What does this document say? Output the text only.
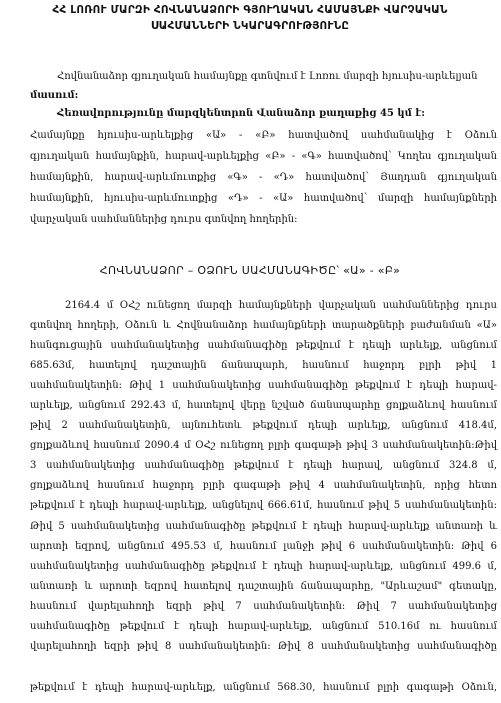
ՀՀ ԼՈՌՈՒ ՄԱՐԶԻ ՀՈՎՆԱՆԱՁՈՐԻ ԳՅՈՒՂԱԿԱՆ ՀԱՄԱՅՆՔԻ ՎԱՐՉԱԿԱՆ
ՍԱՀՄԱՆՆԵՐԻ ՆԿԱՐԱԳՐՈՒԹՅՈՒՆԸ
Հովնանաձոր գյուղական համայնքը գտնվում է Լոռու մարզի հյուսիս-արևելյան
մասում:
Հեռավորությունը մարզկենտրոն Վանաձոր քաղաքից 45 կմ է:
Համայնքը հյուսիս-արևելքից «Ա» - «Բ» հատվածով սահմանակից է Օձուն
գյուղական համայնքին, հարավ-արևելքից «Բ» - «Գ» հատվածով՝ Կողես գյուղական
համայնքին, հարավ-արևմուտքից «Գ» - «Դ» հատվածով՝ Յաղդան գյուղական
համայնքին, հյուսիս-արևմուտքից «Դ» - «Ա» հատվածով՝ մարզի համայնքների
վարչական սահմաններից դուրս գտնվող հողերին:
ՀՈՎՆԱՆԱՁՈՐ – ՕՁՈՒՆ ՍԱՀՄԱՆԱԳԻԾԸ՝ «Ա» - «Բ»
2164.4 մ ՕՀշ ունեցող մարզի համայնքների վարչական սահմաններից դուրս
գտնվող հողերի, Օձուն և Հովնանաձոր համայնքների տարածքների բաժանման «Ա»
հանգուցային սահմանակետից սահմանագիծը թեքվում է դեպի արևելք, անցնում
685.63մ, հատելով դաշտային ճանապարհ, հասնում հաջորդ բլրի թիվ 1
սահմանակետին: Թիվ 1 սահմանակետից սահմանագիծը թեքվում է դեպի հարավ-
արևելք, անցնում 292.43 մ, հատելով վերը նշված ճանապարհը ցոլքաձևով հասնում
թիվ 2 սահմանակետին, այնուհետև թեքվում դեպի արևելք, անցնում 418.4մ,
ցոլքաձևով հասնում 2090.4 մ ՕՀշ ունեցող բլրի գագաթի թիվ 3 սահմանակետին:Թիվ
3 սահմանակետից սահմանագիծը թեքվում է դեպի հարավ, անցնում 324.8 մ,
ցոլքաձևով հասնում հաջորդ բլրի գագաթի թիվ 4 սահմանակետին, որից հետո
թեքվում է դեպի հարավ-արևելք, անցնելով 666.61մ, հասնում թիվ 5 սահմանակետին:
Թիվ 5 սահմանակետից սահմանագիծը թեքվում է դեպի հարավ-արևելք անտառի և
արոտի եզրով, անցնում 495.53 մ, հասնում լանջի թիվ 6 սահմանակետին: Թիվ 6
սահմանակետից սահմանագիծը թեքվում է դեպի հարավ-արևելք, անցնում 499.6 մ,
անտառի և արոտի եզրով հատելով դաշտային ճանապարհը, "Արևաշամ" գետակը,
հասնում վարելահողի եզրի թիվ 7 սահմանակետին: Թիվ 7 սահմանակետից
սահմանագիծը թեքվում է դեպի հարավ-արևելք, անցնում 510.16մ ու հասնում
վարելահողի եզրի թիվ 8 սահմանակետին: Թիվ 8 սահմանակետից սահմանագիծը
թեքվում է դեպի հարավ-արևելք, անցնում 568.30, հասնում բլրի գագաթի Օձուն,
